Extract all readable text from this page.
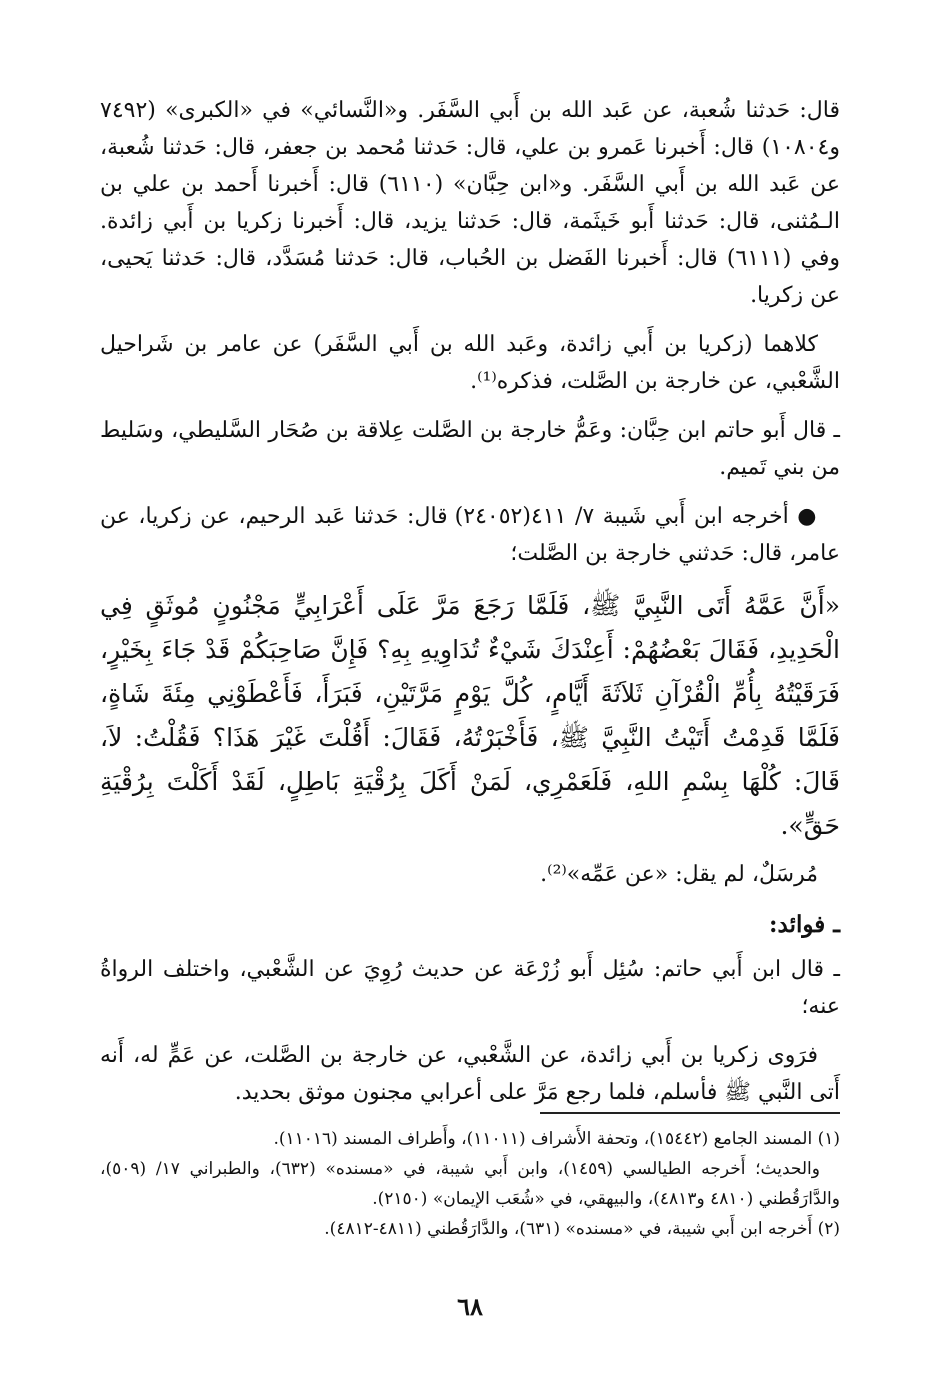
قال: حَدثنا شُعبة، عن عَبد الله بن أَبي السَّفَر. و«النَّسائي» في «الكبرى» (٧٤٩٢ و١٠٨٠٤) قال: أَخبرنا عَمرو بن علي، قال: حَدثنا مُحمد بن جعفر، قال: حَدثنا شُعبة، عن عَبد الله بن أَبي السَّفَر. و«ابن حِبَّان» (٦١١٠) قال: أَخبرنا أَحمد بن علي بن الـمُثنى، قال: حَدثنا أَبو خَيثَمة، قال: حَدثنا يزيد، قال: أَخبرنا زكريا بن أَبي زائدة. وفي (٦١١١) قال: أَخبرنا الفَضل بن الحُباب، قال: حَدثنا مُسَدَّد، قال: حَدثنا يَحيى، عن زكريا.

كلاهما (زكريا بن أَبي زائدة، وعَبد الله بن أَبي السَّفَر) عن عامر بن شَراحيل الشَّعْبي، عن خارجة بن الصَّلت، فذكره⁽¹⁾.

ـ قال أَبو حاتم ابن حِبَّان: وعَمُّ خارجة بن الصَّلت عِلاقة بن صُحَار السَّليطي، وسَليط من بني تَميم.

● أخرجه ابن أَبي شَيبة ٧/ ٤١١(٢٤٠٥٢) قال: حَدثنا عَبد الرحيم، عن زكريا، عن عامر، قال: حَدثني خارجة بن الصَّلت؛

«أَنَّ عَمَّهُ أَتَى النَّبِيَّ ﷺ، فَلَمَّا رَجَعَ مَرَّ عَلَى أَعْرَابِيٍّ مَجْنُونٍ مُوثَقٍ فِي الْحَدِيدِ، فَقَالَ بَعْضُهُمْ: أَعِنْدَكَ شَيْءٌ تُدَاوِيهِ بِهِ؟ فَإِنَّ صَاحِبَكُمْ قَدْ جَاءَ بِخَيْرٍ، فَرَقَيْتُهُ بِأُمِّ الْقُرْآنِ ثَلاَثَةَ أَيَّامٍ، كُلَّ يَوْمٍ مَرَّتَيْنِ، فَبَرَأَ، فَأَعْطَوْنِي مِئَةَ شَاةٍ، فَلَمَّا قَدِمْتُ أَتَيْتُ النَّبِيَّ ﷺ، فَأَخْبَرْتُهُ، فَقَالَ: أَقُلْتَ غَيْرَ هَذَا؟ فَقُلْتُ: لاَ، قَالَ: كُلْهَا بِسْمِ اللهِ، فَلَعَمْرِي، لَمَنْ أَكَلَ بِرُقْيَةِ بَاطِلٍ، لَقَدْ أَكَلْتَ بِرُقْيَةِ حَقٍّ».

مُرسَلٌ، لم يقل: «عن عَمِّه»⁽²⁾.

ـ فوائد:

ـ قال ابن أَبي حاتم: سُئِل أَبو زُرْعَة عن حديث رُوِيَ عن الشَّعْبي، واختلف الرواةُ عنه؛

فرَوى زكريا بن أَبي زائدة، عن الشَّعْبي، عن خارجة بن الصَّلت، عن عَمٍّ له، أَنه أَتى النَّبي ﷺ فأسلم، فلما رجع مَرَّ على أعرابي مجنون موثق بحديد.

(١) المسند الجامع (١٥٤٤٢)، وتحفة الأَشراف (١١٠١١)، وأَطراف المسند (١١٠١٦).

والحديث؛ أَخرجه الطيالسي (١٤٥٩)، وابن أَبي شيبة، في «مسنده» (٦٣٢)، والطبراني ١٧/ (٥٠٩)، والدَّارَقُطني (٤٨١٠ و٤٨١٣)، والبيهقي، في «شُعَب الإيمان» (٢١٥٠).

(٢) أَخرجه ابن أَبي شيبة، في «مسنده» (٦٣١)، والدَّارَقُطني (٤٨١١-٤٨١٢).

٦٨
